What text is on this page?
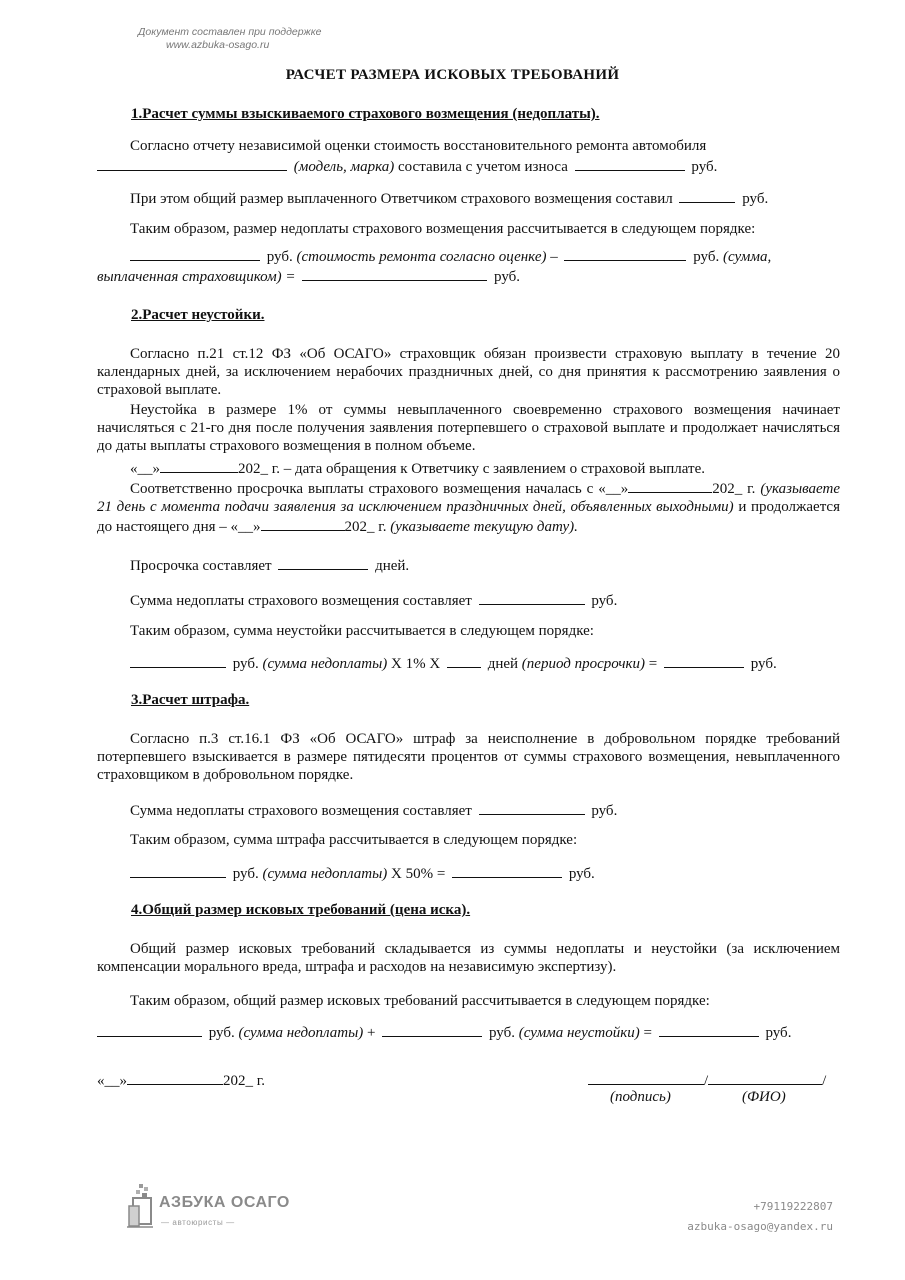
Документ составлен при поддержке
www.azbuka-osago.ru
РАСЧЕТ РАЗМЕРА ИСКОВЫХ ТРЕБОВАНИЙ
1.Расчет суммы взыскиваемого страхового возмещения (недоплаты).
Согласно отчету независимой оценки стоимость восстановительного ремонта автомобиля
(модель, марка) составила с учетом износа	руб.
При этом общий размер выплаченного Ответчиком страхового возмещения составил	руб.
Таким образом, размер недоплаты страхового возмещения рассчитывается в следующем порядке:
руб. (стоимость ремонта согласно оценке) –	руб. (сумма,
выплаченная страховщиком) =	руб.
2.Расчет неустойки.
Согласно п.21 ст.12 ФЗ «Об ОСАГО» страховщик обязан произвести страховую выплату в течение 20 календарных дней, за исключением нерабочих праздничных дней, со дня принятия к рассмотрению заявления о страховой выплате.
Неустойка в размере 1% от суммы невыплаченного своевременно страхового возмещения начинает начисляться с 21-го дня после получения заявления потерпевшего о страховой выплате и продолжает начисляться до даты выплаты страхового возмещения в полном объеме.
«__»	202_ г. – дата обращения к Ответчику с заявлением о страховой выплате.
Соответственно просрочка выплаты страхового возмещения началась с «__»	202_ г. (указываете 21 день с момента подачи заявления за исключением праздничных дней, объявленных выходными) и продолжается до настоящего дня – «__»	202_ г. (указываете текущую дату).
Просрочка составляет	дней.
Сумма недоплаты страхового возмещения составляет	руб.
Таким образом, сумма неустойки рассчитывается в следующем порядке:
руб. (сумма недоплаты) Х 1% Х	дней (период просрочки) =	руб.
3.Расчет штрафа.
Согласно п.3 ст.16.1 ФЗ «Об ОСАГО» штраф за неисполнение в добровольном порядке требований потерпевшего взыскивается в размере пятидесяти процентов от суммы страхового возмещения, невыплаченного страховщиком в добровольном порядке.
Сумма недоплаты страхового возмещения составляет	руб.
Таким образом, сумма штрафа рассчитывается в следующем порядке:
руб. (сумма недоплаты) Х 50% =	руб.
4.Общий размер исковых требований (цена иска).
Общий размер исковых требований складывается из суммы недоплаты и неустойки (за исключением компенсации морального вреда, штрафа и расходов на независимую экспертизу).
Таким образом, общий размер исковых требований рассчитывается в следующем порядке:
руб. (сумма недоплаты) +	руб. (сумма неустойки) =	руб.
«__»	202_ г.	/	/
(подпись)	(ФИО)
АЗБУКА ОСАГО
— автоюристы —
+79119222807
azbuka-osago@yandex.ru
